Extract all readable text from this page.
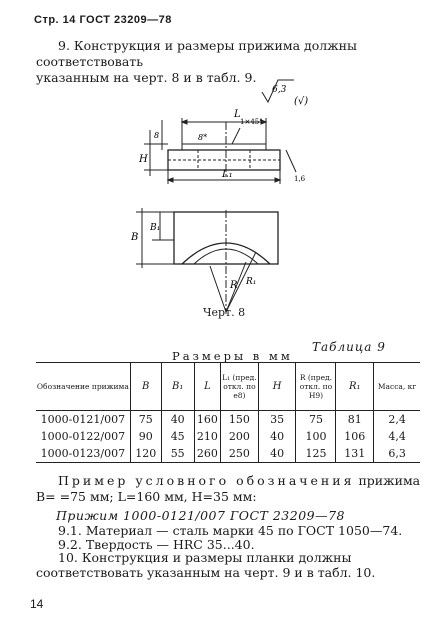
Стр. 14 ГОСТ 23209—78
9. Конструкция и размеры прижима должны соответствовать
указанным на черт. 8 и в табл. 9.
L
L₁
H
8	8*
1×45°
1,6
6,3
(√)
B
B₁
R R₁
Черт. 8
Таблица 9
Размеры в мм
Обозначение прижима	B	B₁	L	L₁ (пред. откл. по е8)	H	R (пред. откл. по H9)	R₁	Масса, кг
1000-0121/007	75	40	160	150	35	75	81	2,4
1000-0122/007	90	45	210	200	40	100	106	4,4
1000-0123/007	120	55	260	250	40	125	131	6,3
Пример условного обозначения прижима B= =75 мм; L=160 мм, H=35 мм:
Прижим 1000-0121/007 ГОСТ 23209—78
9.1. Материал — сталь марки 45 по ГОСТ 1050—74.
9.2. Твердость — HRC 35...40.
10. Конструкция и размеры планки должны соответствовать указанным на черт. 9 и в табл. 10.
14
